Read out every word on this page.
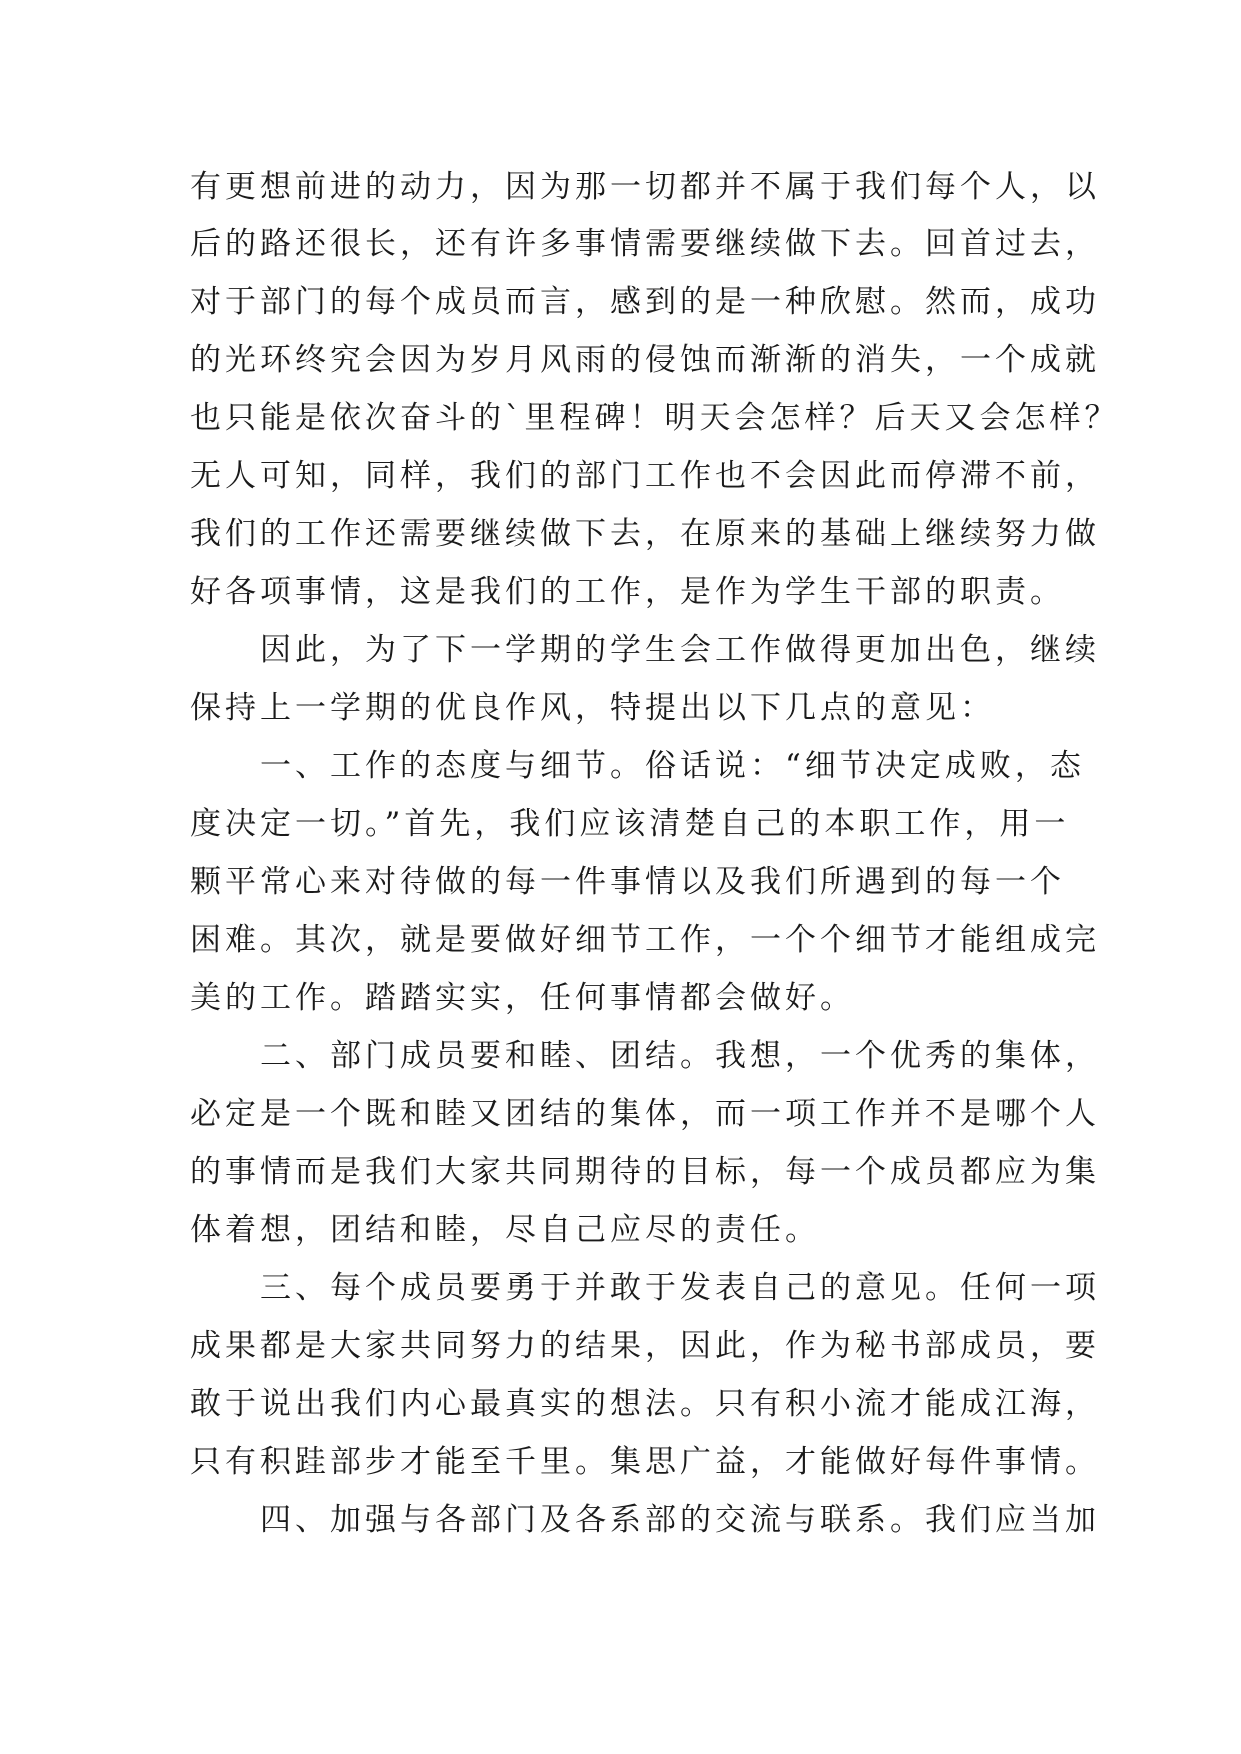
有更想前进的动力，因为那一切都并不属于我们每个人，以
后的路还很长，还有许多事情需要继续做下去。回首过去，
对于部门的每个成员而言，感到的是一种欣慰。然而，成功
的光环终究会因为岁月风雨的侵蚀而渐渐的消失，一个成就
也只能是依次奋斗的`里程碑！明天会怎样？后天又会怎样？
无人可知，同样，我们的部门工作也不会因此而停滞不前，
我们的工作还需要继续做下去，在原来的基础上继续努力做
好各项事情，这是我们的工作，是作为学生干部的职责。
　　因此，为了下一学期的学生会工作做得更加出色，继续
保持上一学期的优良作风，特提出以下几点的意见：
　　一、工作的态度与细节。俗话说：“细节决定成败，态
度决定一切。”首先，我们应该清楚自己的本职工作，用一
颗平常心来对待做的每一件事情以及我们所遇到的每一个
困难。其次，就是要做好细节工作，一个个细节才能组成完
美的工作。踏踏实实，任何事情都会做好。
　　二、部门成员要和睦、团结。我想，一个优秀的集体，
必定是一个既和睦又团结的集体，而一项工作并不是哪个人
的事情而是我们大家共同期待的目标，每一个成员都应为集
体着想，团结和睦，尽自己应尽的责任。
　　三、每个成员要勇于并敢于发表自己的意见。任何一项
成果都是大家共同努力的结果，因此，作为秘书部成员，要
敢于说出我们内心最真实的想法。只有积小流才能成江海，
只有积跬部步才能至千里。集思广益，才能做好每件事情。
　　四、加强与各部门及各系部的交流与联系。我们应当加
